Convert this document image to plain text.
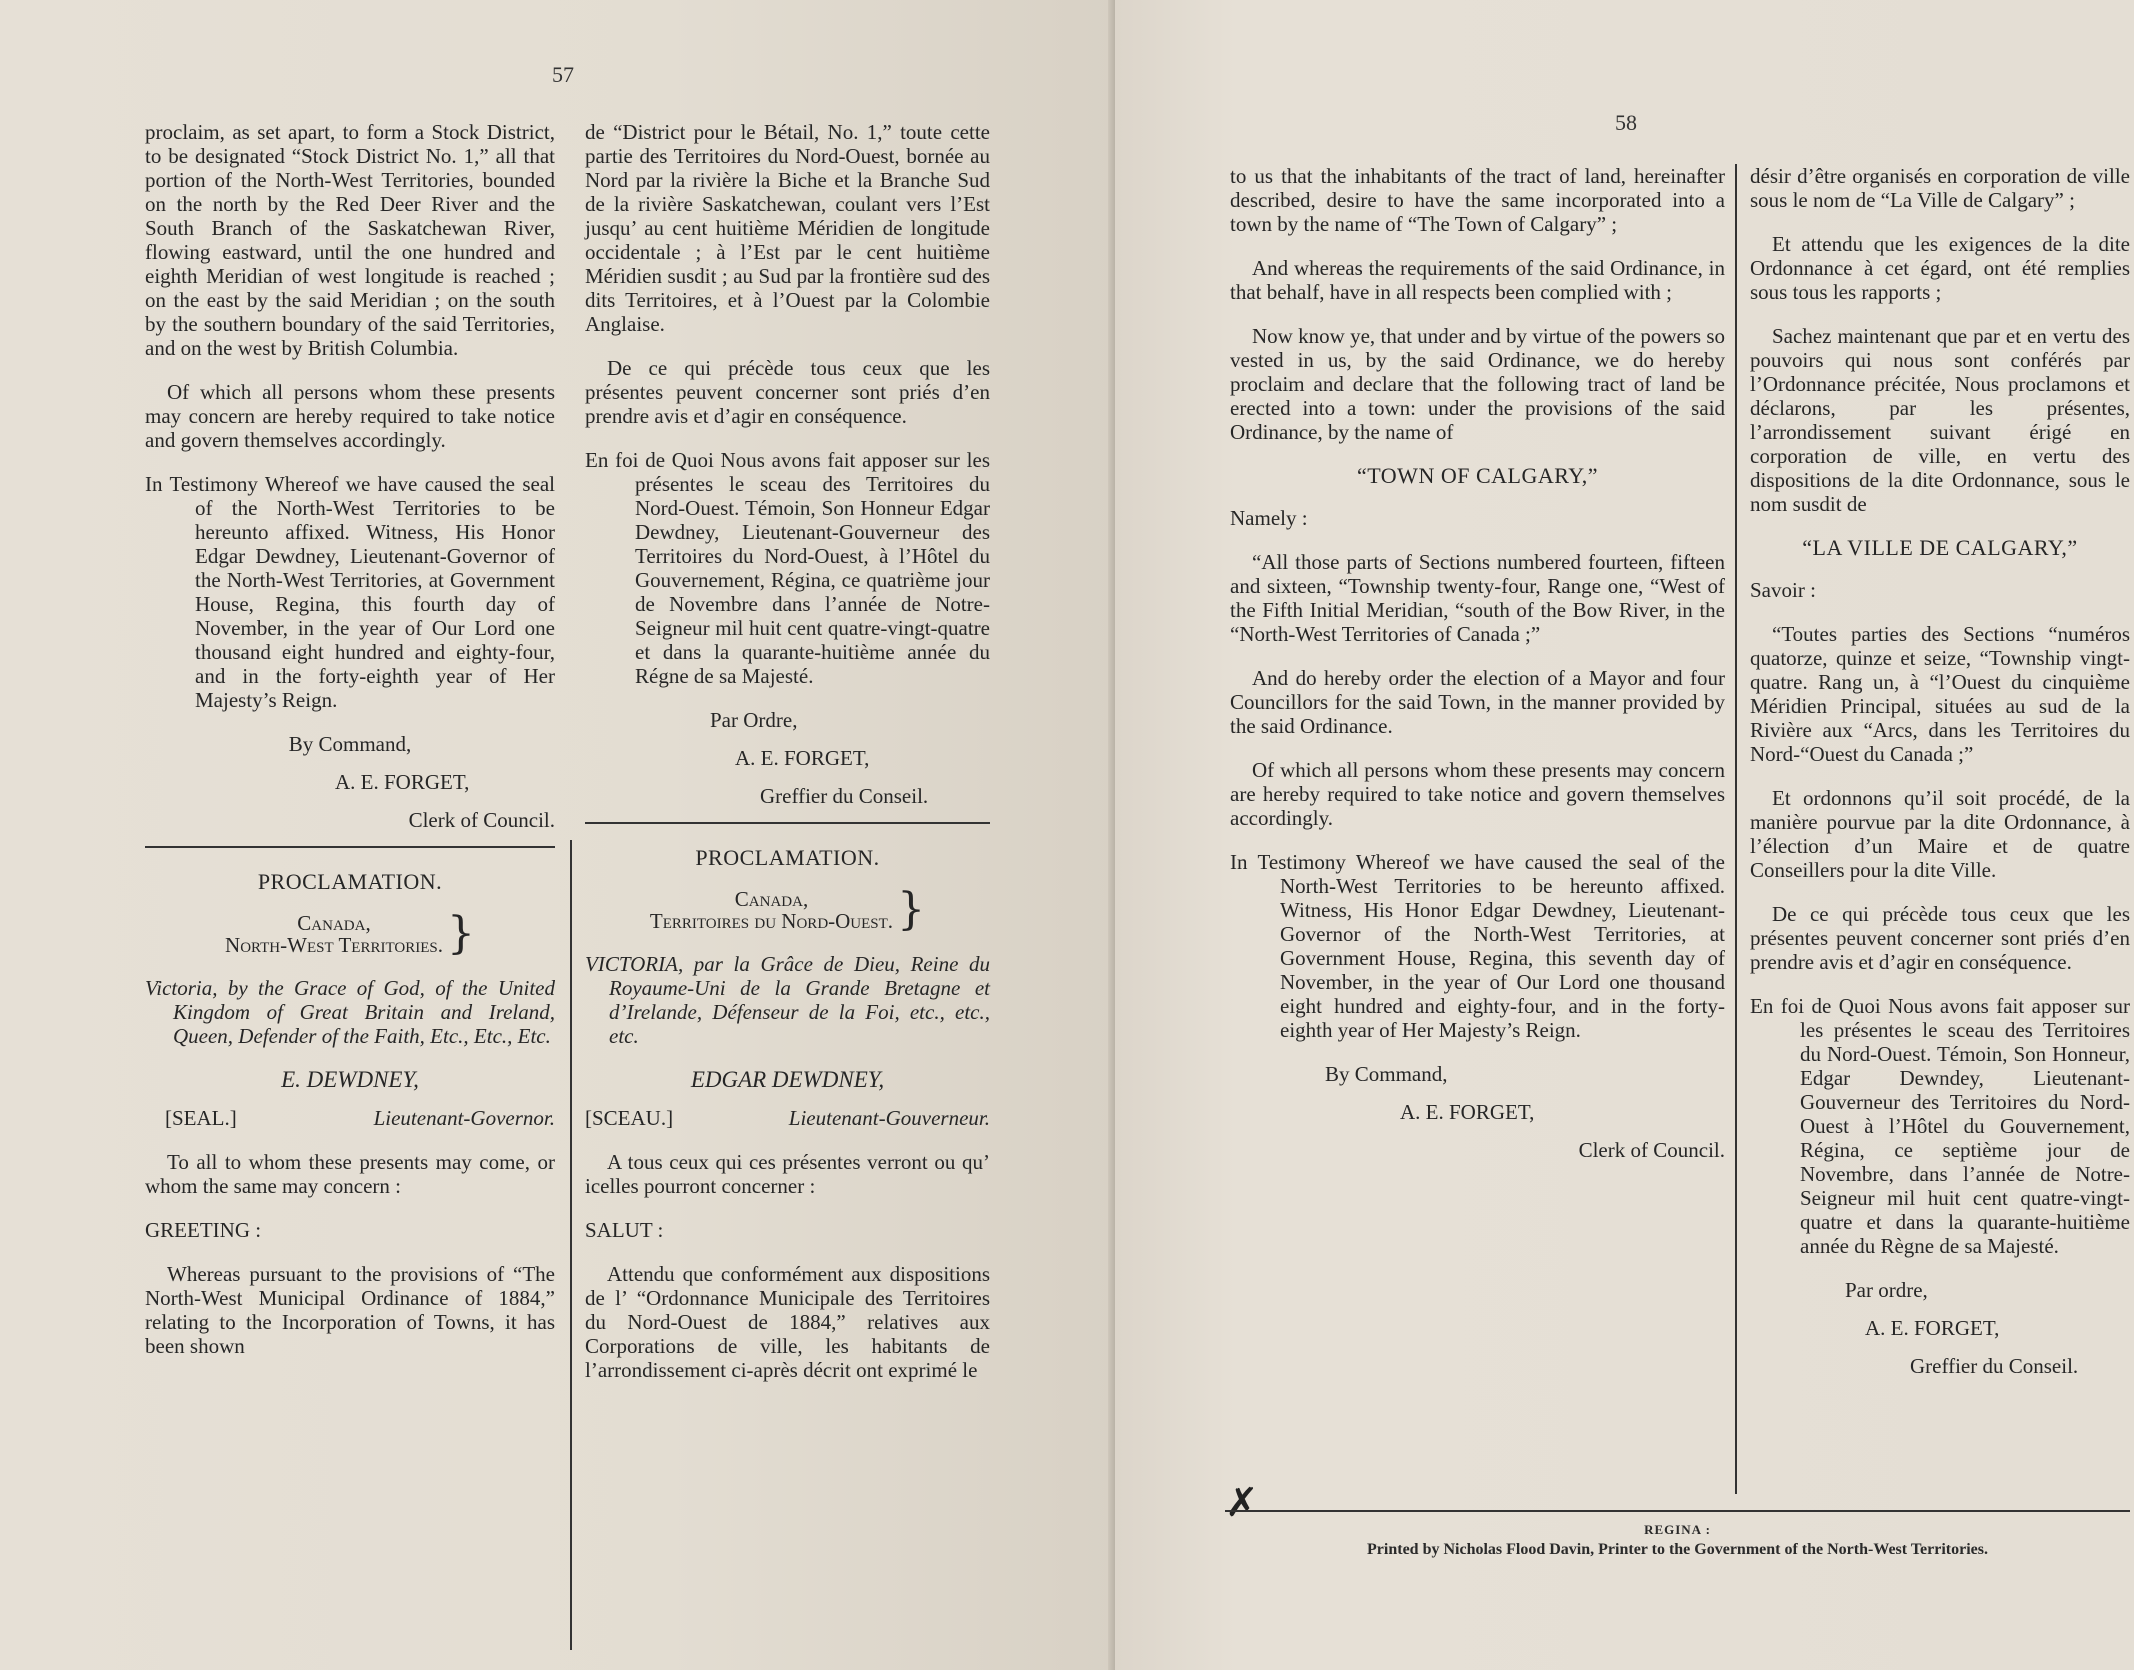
57

proclaim, as set apart, to form a Stock District, to be designated “Stock District No. 1,” all that portion of the North-West Territories, bounded on the north by the Red Deer River and the South Branch of the Saskatchewan River, flowing eastward, until the one hundred and eighth Meridian of west longitude is reached ; on the east by the said Meridian ; on the south by the southern boundary of the said Territories, and on the west by British Columbia.

Of which all persons whom these presents may concern are hereby required to take notice and govern themselves accordingly.

In Testimony Whereof we have caused the seal of the North-West Territories to be hereunto affixed. Witness, His Honor Edgar Dewdney, Lieutenant-Governor of the North-West Territories, at Government House, Regina, this fourth day of November, in the year of Our Lord one thousand eight hundred and eighty-four, and in the forty-eighth year of Her Majesty’s Reign.

By Command,
A. E. FORGET,
Clerk of Council.
PROCLAMATION.
Canada,
North-West Territories. }

Victoria, by the Grace of God, of the United Kingdom of Great Britain and Ireland, Queen, Defender of the Faith, Etc., Etc., Etc.

E. DEWDNEY,
[SEAL.]	Lieutenant-Governor.

To all to whom these presents may come, or whom the same may concern :

GREETING :

Whereas pursuant to the provisions of “The North-West Municipal Ordinance of 1884,” relating to the Incorporation of Towns, it has been shown

de “District pour le Bétail, No. 1,” toute cette partie des Territoires du Nord-Ouest, bornée au Nord par la rivière la Biche et la Branche Sud de la rivière Saskatchewan, coulant vers l’Est jusqu’ au cent huitième Méridien de longitude occidentale ; à l’Est par le cent huitième Méridien susdit ; au Sud par la frontière sud des dits Territoires, et à l’Ouest par la Colombie Anglaise.

De ce qui précède tous ceux que les présentes peuvent concerner sont priés d’en prendre avis et d’agir en conséquence.

En foi de Quoi Nous avons fait apposer sur les présentes le sceau des Territoires du Nord-Ouest. Témoin, Son Honneur Edgar Dewdney, Lieutenant-Gouverneur des Territoires du Nord-Ouest, à l’Hôtel du Gouvernement, Régina, ce quatrième jour de Novembre dans l’année de Notre-Seigneur mil huit cent quatre-vingt-quatre et dans la quarante-huitième année du Régne de sa Majesté.

Par Ordre,
A. E. FORGET,
Greffier du Conseil.
PROCLAMATION.
Canada,
Territoires du Nord-Ouest. }

VICTORIA, par la Grâce de Dieu, Reine du Royaume-Uni de la Grande Bretagne et d’Irelande, Défenseur de la Foi, etc., etc., etc.

EDGAR DEWDNEY,
[SCEAU.]	Lieutenant-Gouverneur.

A tous ceux qui ces présentes verront ou qu’ icelles pourront concerner :

SALUT :

Attendu que conformément aux dispositions de l’ “Ordonnance Municipale des Territoires du Nord-Ouest de 1884,” relatives aux Corporations de ville, les habitants de l’arrondissement ci-après décrit ont exprimé le

58

to us that the inhabitants of the tract of land, hereinafter described, desire to have the same incorporated into a town by the name of “The Town of Calgary” ;

And whereas the requirements of the said Ordinance, in that behalf, have in all respects been complied with ;

Now know ye, that under and by virtue of the powers so vested in us, by the said Ordinance, we do hereby proclaim and declare that the following tract of land be erected into a town: under the provisions of the said Ordinance, by the name of

“TOWN OF CALGARY,”

Namely :

“All those parts of Sections numbered fourteen, fifteen and sixteen, “Township twenty-four, Range one, “West of the Fifth Initial Meridian, “south of the Bow River, in the “North-West Territories of Canada ;”

And do hereby order the election of a Mayor and four Councillors for the said Town, in the manner provided by the said Ordinance.

Of which all persons whom these presents may concern are hereby required to take notice and govern themselves accordingly.

In Testimony Whereof we have caused the seal of the North-West Territories to be hereunto affixed. Witness, His Honor Edgar Dewdney, Lieutenant-Governor of the North-West Territories, at Government House, Regina, this seventh day of November, in the year of Our Lord one thousand eight hundred and eighty-four, and in the forty-eighth year of Her Majesty’s Reign.

By Command,
A. E. FORGET,
Clerk of Council.

désir d’être organisés en corporation de ville sous le nom de “La Ville de Calgary” ;

Et attendu que les exigences de la dite Ordonnance à cet égard, ont été remplies sous tous les rapports ;

Sachez maintenant que par et en vertu des pouvoirs qui nous sont conférés par l’Ordonnance précitée, Nous proclamons et déclarons, par les présentes, l’arrondissement suivant érigé en corporation de ville, en vertu des dispositions de la dite Ordonnance, sous le nom susdit de

“LA VILLE DE CALGARY,”

Savoir :

“Toutes parties des Sections “numéros quatorze, quinze et seize, “Township vingt-quatre. Rang un, à “l’Ouest du cinquième Méridien Principal, situées au sud de la Rivière aux “Arcs, dans les Territoires du Nord-“Ouest du Canada ;”

Et ordonnons qu’il soit procédé, de la manière pourvue par la dite Ordonnance, à l’élection d’un Maire et de quatre Conseillers pour la dite Ville.

De ce qui précède tous ceux que les présentes peuvent concerner sont priés d’en prendre avis et d’agir en conséquence.

En foi de Quoi Nous avons fait apposer sur les présentes le sceau des Territoires du Nord-Ouest. Témoin, Son Honneur, Edgar Dewndey, Lieutenant-Gouverneur des Territoires du Nord-Ouest à l’Hôtel du Gouvernement, Régina, ce septième jour de Novembre, dans l’année de Notre-Seigneur mil huit cent quatre-vingt-quatre et dans la quarante-huitième année du Règne de sa Majesté.

Par ordre,
A. E. FORGET,
Greffier du Conseil.
✗
REGINA :
Printed by Nicholas Flood Davin, Printer to the Government of the North-West Territories.
